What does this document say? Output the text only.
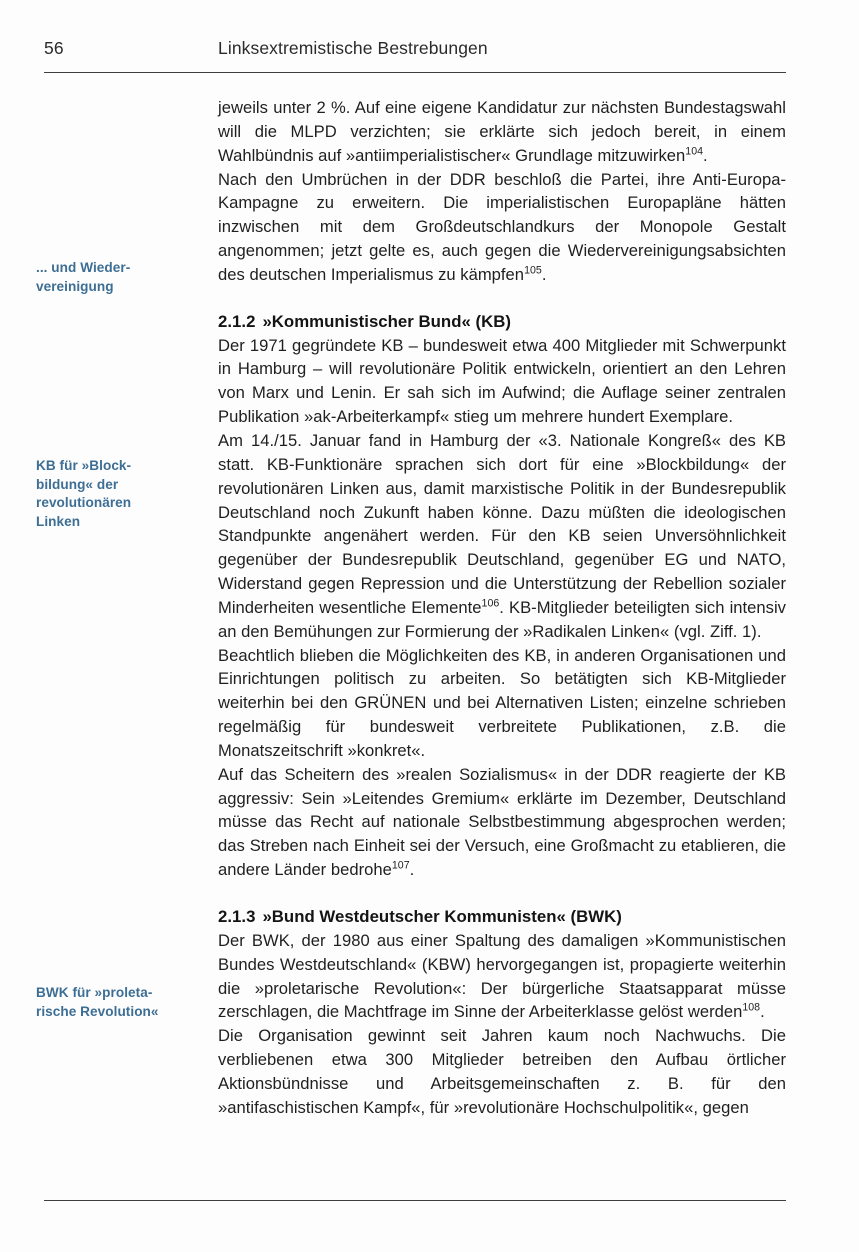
56	Linksextremistische Bestrebungen
... und Wieder-
vereinigung
KB für »Block-
bildung« der
revolutionären
Linken
BWK für »proleta-
rische Revolution«

jeweils unter 2 %. Auf eine eigene Kandidatur zur nächsten Bundestagswahl will die MLPD verzichten; sie erklärte sich jedoch bereit, in einem Wahlbündnis auf »antiimperialistischer« Grundlage mitzuwirken$^{104}$.

Nach den Umbrüchen in der DDR beschloß die Partei, ihre Anti-Europa-Kampagne zu erweitern. Die imperialistischen Europapläne hätten inzwischen mit dem Großdeutschlandkurs der Monopole Gestalt angenommen; jetzt gelte es, auch gegen die Wiedervereinigungsabsichten des deutschen Imperialismus zu kämpfen$^{105}$.

2.1.2 »Kommunistischer Bund« (KB)

Der 1971 gegründete KB – bundesweit etwa 400 Mitglieder mit Schwerpunkt in Hamburg – will revolutionäre Politik entwickeln, orientiert an den Lehren von Marx und Lenin. Er sah sich im Aufwind; die Auflage seiner zentralen Publikation »ak-Arbeiterkampf« stieg um mehrere hundert Exemplare.

Am 14./15. Januar fand in Hamburg der «3. Nationale Kongreß« des KB statt. KB-Funktionäre sprachen sich dort für eine »Blockbildung« der revolutionären Linken aus, damit marxistische Politik in der Bundesrepublik Deutschland noch Zukunft haben könne. Dazu müßten die ideologischen Standpunkte angenähert werden. Für den KB seien Unversöhnlichkeit gegenüber der Bundesrepublik Deutschland, gegenüber EG und NATO, Widerstand gegen Repression und die Unterstützung der Rebellion sozialer Minderheiten wesentliche Elemente$^{106}$. KB-Mitglieder beteiligten sich intensiv an den Bemühungen zur Formierung der »Radikalen Linken« (vgl. Ziff. 1).

Beachtlich blieben die Möglichkeiten des KB, in anderen Organisationen und Einrichtungen politisch zu arbeiten. So betätigten sich KB-Mitglieder weiterhin bei den GRÜNEN und bei Alternativen Listen; einzelne schrieben regelmäßig für bundesweit verbreitete Publikationen, z.B. die Monatszeitschrift »konkret«.

Auf das Scheitern des »realen Sozialismus« in der DDR reagierte der KB aggressiv: Sein »Leitendes Gremium« erklärte im Dezember, Deutschland müsse das Recht auf nationale Selbstbestimmung abgesprochen werden; das Streben nach Einheit sei der Versuch, eine Großmacht zu etablieren, die andere Länder bedrohe$^{107}$.

2.1.3 »Bund Westdeutscher Kommunisten« (BWK)

Der BWK, der 1980 aus einer Spaltung des damaligen »Kommunistischen Bundes Westdeutschland« (KBW) hervorgegangen ist, propagierte weiterhin die »proletarische Revolution«: Der bürgerliche Staatsapparat müsse zerschlagen, die Machtfrage im Sinne der Arbeiterklasse gelöst werden$^{108}$.

Die Organisation gewinnt seit Jahren kaum noch Nachwuchs. Die verbliebenen etwa 300 Mitglieder betreiben den Aufbau örtlicher Aktionsbündnisse und Arbeitsgemeinschaften z. B. für den »antifaschistischen Kampf«, für »revolutionäre Hochschulpolitik«, gegen
